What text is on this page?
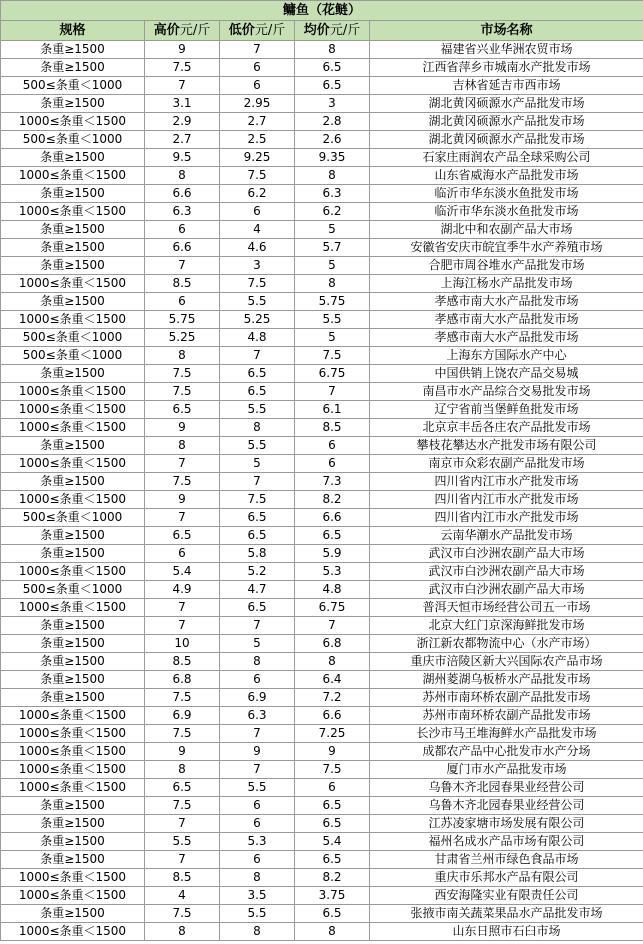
鳙鱼（花鲢）				
规格	高价元/斤	低价元/斤	均价元/斤	市场名称
条重≥1500	9	7	8	福建省兴业华洲农贸市场
条重≥1500	7.5	6	6.5	江西省萍乡市城南水产批发市场
500≤条重＜1000	7	6	6.5	吉林省延吉市西市场
条重≥1500	3.1	2.95	3	湖北黄冈硕源水产品批发市场
1000≤条重＜1500	2.9	2.7	2.8	湖北黄冈硕源水产品批发市场
500≤条重＜1000	2.7	2.5	2.6	湖北黄冈硕源水产品批发市场
条重≥1500	9.5	9.25	9.35	石家庄雨润农产品全球采购公司
1000≤条重＜1500	8	7.5	8	山东省威海水产品批发市场
条重≥1500	6.6	6.2	6.3	临沂市华东淡水鱼批发市场
1000≤条重＜1500	6.3	6	6.2	临沂市华东淡水鱼批发市场
条重≥1500	6	4	5	湖北中和农副产品大市场
条重≥1500	6.6	4.6	5.7	安徽省安庆市皖宜季牛水产养殖市场
条重≥1500	7	3	5	合肥市周谷堆水产品批发市场
1000≤条重＜1500	8.5	7.5	8	上海江杨水产品批发市场
条重≥1500	6	5.5	5.75	孝感市南大水产品批发市场
1000≤条重＜1500	5.75	5.25	5.5	孝感市南大水产品批发市场
500≤条重＜1000	5.25	4.8	5	孝感市南大水产品批发市场
500≤条重＜1000	8	7	7.5	上海东方国际水产中心
条重≥1500	7.5	6.5	6.75	中国供销上饶农产品交易城
1000≤条重＜1500	7.5	6.5	7	南昌市水产品综合交易批发市场
1000≤条重＜1500	6.5	5.5	6.1	辽宁省前当堡鲜鱼批发市场
1000≤条重＜1500	9	8	8.5	北京京丰岳各庄农产品批发市场
条重≥1500	8	5.5	6	攀枝花攀达水产批发市场有限公司
1000≤条重＜1500	7	5	6	南京市众彩农副产品批发市场
条重≥1500	7.5	7	7.3	四川省内江市水产批发市场
1000≤条重＜1500	9	7.5	8.2	四川省内江市水产批发市场
500≤条重＜1000	7	6.5	6.6	四川省内江市水产批发市场
条重≥1500	6.5	6.5	6.5	云南华潮水产品批发市场
条重≥1500	6	5.8	5.9	武汉市白沙洲农副产品大市场
1000≤条重＜1500	5.4	5.2	5.3	武汉市白沙洲农副产品大市场
500≤条重＜1000	4.9	4.7	4.8	武汉市白沙洲农副产品大市场
1000≤条重＜1500	7	6.5	6.75	普洱天恒市场经营公司五一市场
条重≥1500	7	7	7	北京大红门京深海鲜批发市场
条重≥1500	10	5	6.8	浙江新农都物流中心（水产市场）
条重≥1500	8.5	8	8	重庆市涪陵区新大兴国际农产品市场
条重≥1500	6.8	6	6.4	湖州菱湖乌板桥水产品批发市场
条重≥1500	7.5	6.9	7.2	苏州市南环桥农副产品批发市场
1000≤条重＜1500	6.9	6.3	6.6	苏州市南环桥农副产品批发市场
1000≤条重＜1500	7.5	7	7.25	长沙市马王堆海鲜水产品批发市场
1000≤条重＜1500	9	9	9	成都农产品中心批发市水产分场
1000≤条重＜1500	8	7	7.5	厦门市水产品批发市场
1000≤条重＜1500	6.5	5.5	6	乌鲁木齐北园春果业经营公司
条重≥1500	7.5	6	6.5	乌鲁木齐北园春果业经营公司
条重≥1500	7	6	6.5	江苏凌家塘市场发展有限公司
条重≥1500	5.5	5.3	5.4	福州名成水产品市场有限公司
条重≥1500	7	6	6.5	甘肃省兰州市绿色食品市场
1000≤条重＜1500	8.5	8	8.2	重庆市乐邦水产品有限公司
1000≤条重＜1500	4	3.5	3.75	西安海隆实业有限责任公司
条重≥1500	7.5	5.5	6.5	张掖市南关蔬菜果品水产品批发市场
1000≤条重＜1500	8	8	8	山东日照市石臼市场
